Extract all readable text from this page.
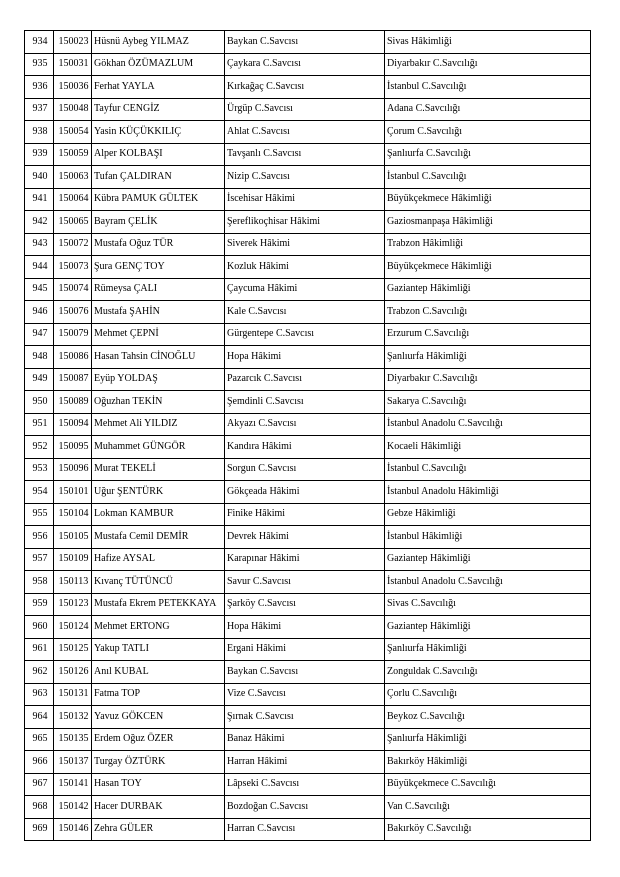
934	150023	Hüsnü Aybeg YILMAZ	Baykan C.Savcısı	Sivas Hâkimliği
935	150031	Gökhan ÖZÜMAZLUM	Çaykara C.Savcısı	Diyarbakır C.Savcılığı
936	150036	Ferhat YAYLA	Kırkağaç C.Savcısı	İstanbul C.Savcılığı
937	150048	Tayfur CENGİZ	Ürgüp C.Savcısı	Adana C.Savcılığı
938	150054	Yasin KÜÇÜKKILIÇ	Ahlat C.Savcısı	Çorum C.Savcılığı
939	150059	Alper KOLBAŞI	Tavşanlı C.Savcısı	Şanlıurfa C.Savcılığı
940	150063	Tufan ÇALDIRAN	Nizip C.Savcısı	İstanbul C.Savcılığı
941	150064	Kübra PAMUK GÜLTEK	İscehisar Hâkimi	Büyükçekmece Hâkimliği
942	150065	Bayram ÇELİK	Şereflikoçhisar Hâkimi	Gaziosmanpaşa Hâkimliği
943	150072	Mustafa Oğuz TÜR	Siverek Hâkimi	Trabzon Hâkimliği
944	150073	Şura GENÇ TOY	Kozluk Hâkimi	Büyükçekmece Hâkimliği
945	150074	Rümeysa ÇALI	Çaycuma Hâkimi	Gaziantep Hâkimliği
946	150076	Mustafa ŞAHİN	Kale C.Savcısı	Trabzon C.Savcılığı
947	150079	Mehmet ÇEPNİ	Gürgentepe C.Savcısı	Erzurum C.Savcılığı
948	150086	Hasan Tahsin CİNOĞLU	Hopa Hâkimi	Şanlıurfa Hâkimliği
949	150087	Eyüp YOLDAŞ	Pazarcık C.Savcısı	Diyarbakır C.Savcılığı
950	150089	Oğuzhan TEKİN	Şemdinli C.Savcısı	Sakarya C.Savcılığı
951	150094	Mehmet Ali YILDIZ	Akyazı C.Savcısı	İstanbul Anadolu C.Savcılığı
952	150095	Muhammet GÜNGÖR	Kandıra Hâkimi	Kocaeli Hâkimliği
953	150096	Murat TEKELİ	Sorgun C.Savcısı	İstanbul C.Savcılığı
954	150101	Uğur ŞENTÜRK	Gökçeada Hâkimi	İstanbul Anadolu Hâkimliği
955	150104	Lokman KAMBUR	Finike Hâkimi	Gebze Hâkimliği
956	150105	Mustafa Cemil DEMİR	Devrek Hâkimi	İstanbul Hâkimliği
957	150109	Hafize AYSAL	Karapınar Hâkimi	Gaziantep Hâkimliği
958	150113	Kıvanç TÜTÜNCÜ	Savur C.Savcısı	İstanbul Anadolu C.Savcılığı
959	150123	Mustafa Ekrem PETEKKAYA	Şarköy C.Savcısı	Sivas C.Savcılığı
960	150124	Mehmet ERTONG	Hopa Hâkimi	Gaziantep Hâkimliği
961	150125	Yakup TATLI	Ergani Hâkimi	Şanlıurfa Hâkimliği
962	150126	Anıl KUBAL	Baykan C.Savcısı	Zonguldak C.Savcılığı
963	150131	Fatma TOP	Vize C.Savcısı	Çorlu C.Savcılığı
964	150132	Yavuz GÖKCEN	Şırnak C.Savcısı	Beykoz C.Savcılığı
965	150135	Erdem Oğuz ÖZER	Banaz Hâkimi	Şanlıurfa Hâkimliği
966	150137	Turgay ÖZTÜRK	Harran Hâkimi	Bakırköy Hâkimliği
967	150141	Hasan TOY	Lâpseki C.Savcısı	Büyükçekmece C.Savcılığı
968	150142	Hacer DURBAK	Bozdoğan C.Savcısı	Van C.Savcılığı
969	150146	Zehra GÜLER	Harran C.Savcısı	Bakırköy C.Savcılığı
